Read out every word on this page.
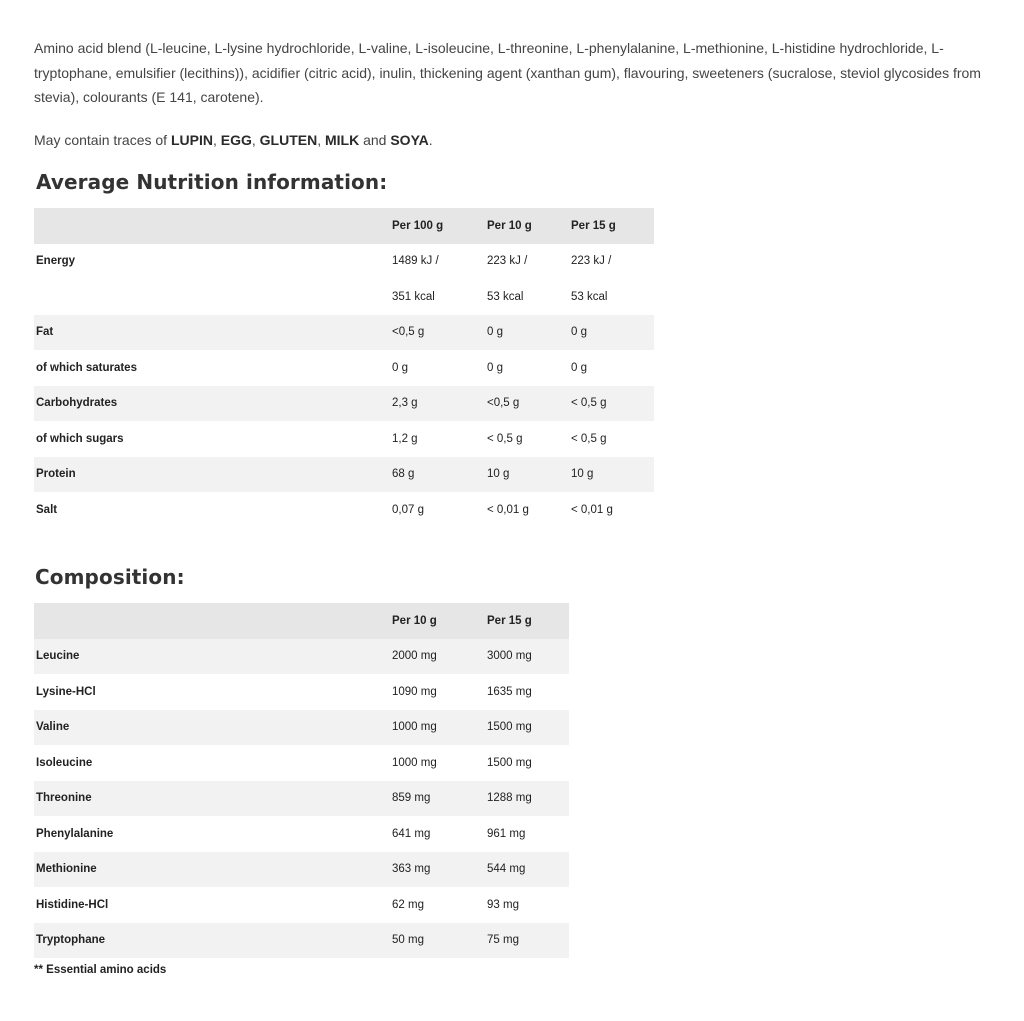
Amino acid blend (L-leucine, L-lysine hydrochloride, L-valine, L-isoleucine, L-threonine, L-phenylalanine, L-methionine, L-histidine hydrochloride, L-tryptophane, emulsifier (lecithins)), acidifier (citric acid), inulin, thickening agent (xanthan gum), flavouring, sweeteners (sucralose, steviol glycosides from stevia), colourants (E 141, carotene).

May contain traces of LUPIN, EGG, GLUTEN, MILK and SOYA.

Average Nutrition information:
	Per 100 g	Per 10 g	Per 15 g
Energy	1489 kJ /	223 kJ /	223 kJ /
	351 kcal	53 kcal	53 kcal
Fat	<0,5 g	0 g	0 g
of which saturates	0 g	0 g	0 g
Carbohydrates	2,3 g	<0,5 g	< 0,5 g
of which sugars	1,2 g	< 0,5 g	< 0,5 g
Protein	68 g	10 g	10 g
Salt	0,07 g	< 0,01 g	< 0,01 g
Composition:
	Per 10 g	Per 15 g
Leucine	2000 mg	3000 mg
Lysine-HCl	1090 mg	1635 mg
Valine	1000 mg	1500 mg
Isoleucine	1000 mg	1500 mg
Threonine	859 mg	1288 mg
Phenylalanine	641 mg	961 mg
Methionine	363 mg	544 mg
Histidine-HCl	62 mg	93 mg
Tryptophane	50 mg	75 mg
** Essential amino acids
